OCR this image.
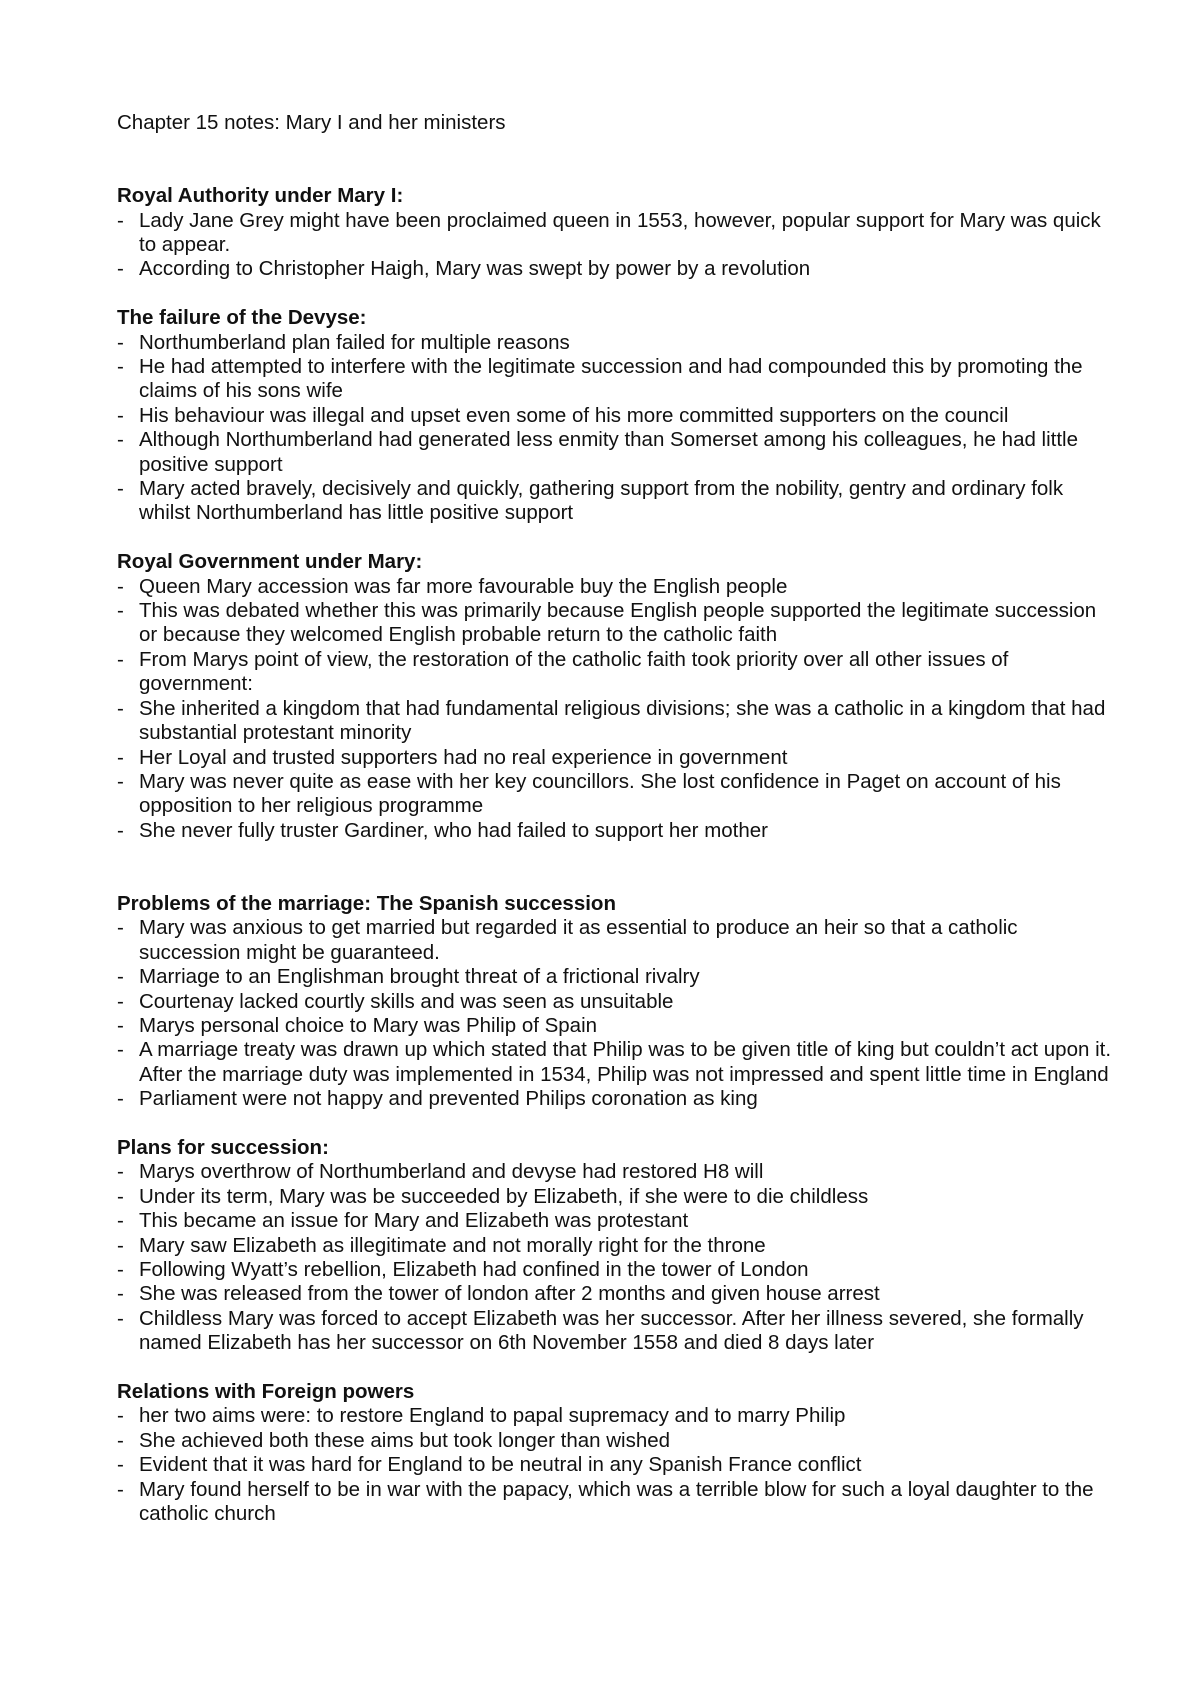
Chapter 15 notes: Mary I and her ministers

Royal Authority under Mary I:

- Lady Jane Grey might have been proclaimed queen in 1553, however, popular support for Mary was quick to appear.
- According to Christopher Haigh, Mary was swept by power by a revolution

The failure of the Devyse:

- Northumberland plan failed for multiple reasons
- He had attempted to interfere with the legitimate succession and had compounded this by promoting the claims of his sons wife
- His behaviour was illegal and upset even some of his more committed supporters on the council
- Although Northumberland had generated less enmity than Somerset among his colleagues, he had little positive support
- Mary acted bravely, decisively and quickly, gathering support from the nobility, gentry and ordinary folk whilst Northumberland has little positive support

Royal Government under Mary:

- Queen Mary accession was far more favourable buy the English people
- This was debated whether this was primarily because English people supported the legitimate succession or because they welcomed English probable return to the catholic faith
- From Marys point of view, the restoration of the catholic faith took priority over all other issues of government:
- She inherited a kingdom that had fundamental religious divisions; she was a catholic in a kingdom that had substantial protestant minority
- Her Loyal and trusted supporters had no real experience in government
- Mary was never quite as ease with her key councillors. She lost confidence in Paget on account of his opposition to her religious programme
- She never fully truster Gardiner, who had failed to support her mother

Problems of the marriage: The Spanish succession

- Mary was anxious to get married but regarded it as essential to produce an heir so that a catholic succession might be guaranteed.
- Marriage to an Englishman brought threat of a frictional rivalry
- Courtenay lacked courtly skills and was seen as unsuitable
- Marys personal choice to Mary was Philip of Spain
- A marriage treaty was drawn up which stated that Philip was to be given title of king but couldn’t act upon it. After the marriage duty was implemented in 1534, Philip was not impressed and spent little time in England
- Parliament were not happy and prevented Philips coronation as king

Plans for succession:

- Marys overthrow of Northumberland and devyse had restored H8 will
- Under its term, Mary was be succeeded by Elizabeth, if she were to die childless
- This became an issue for Mary and Elizabeth was protestant
- Mary saw Elizabeth as illegitimate and not morally right for the throne
- Following Wyatt’s rebellion, Elizabeth had confined in the tower of London
- She was released from the tower of london after 2 months and given house arrest
- Childless Mary was forced to accept Elizabeth was her successor. After her illness severed, she formally named Elizabeth has her successor on 6th November 1558 and died 8 days later

Relations with Foreign powers

- her two aims were: to restore England to papal supremacy and to marry Philip
- She achieved both these aims but took longer than wished
- Evident that it was hard for England to be neutral in any Spanish France conflict
- Mary found herself to be in war with the papacy, which was a terrible blow for such a loyal daughter to the catholic church
